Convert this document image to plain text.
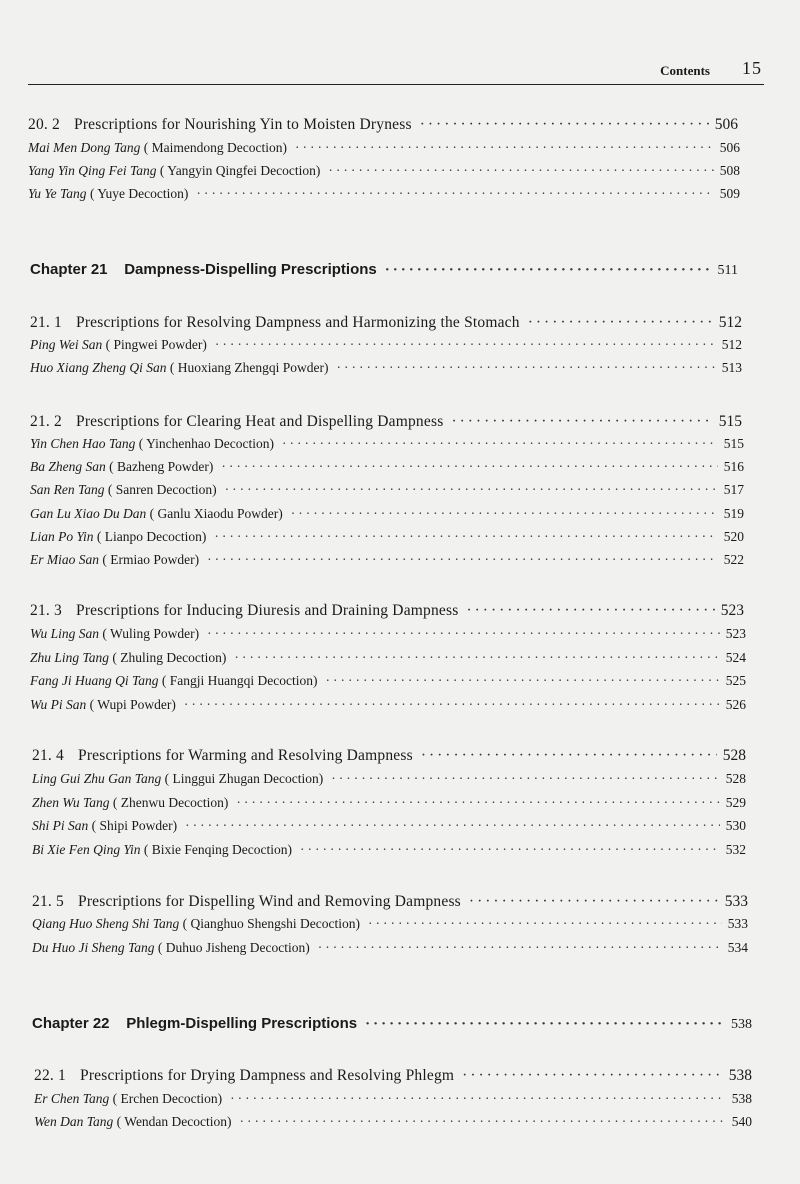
Contents 15
20. 2 Prescriptions for Nourishing Yin to Moisten Dryness ·····	506
Mai Men Dong Tang ( Maimendong Decoction) ·····	506
Yang Yin Qing Fei Tang ( Yangyin Qingfei Decoction) ·····	508
Yu Ye Tang ( Yuye Decoction) ·····	509
Chapter 21    Dampness-Dispelling Prescriptions ·····	511
21. 1 Prescriptions for Resolving Dampness and Harmonizing the Stomach ·····	512
Ping Wei San ( Pingwei Powder) ·····	512
Huo Xiang Zheng Qi San ( Huoxiang Zhengqi Powder) ·····	513
21. 2 Prescriptions for Clearing Heat and Dispelling Dampness ·····	515
Yin Chen Hao Tang ( Yinchenhao Decoction) ·····	515
Ba Zheng San ( Bazheng Powder) ·····	516
San Ren Tang ( Sanren Decoction) ·····	517
Gan Lu Xiao Du Dan ( Ganlu Xiaodu Powder) ·····	519
Lian Po Yin ( Lianpo Decoction) ·····	520
Er Miao San ( Ermiao Powder) ·····	522
21. 3 Prescriptions for Inducing Diuresis and Draining Dampness ·····	523
Wu Ling San ( Wuling Powder) ·····	523
Zhu Ling Tang ( Zhuling Decoction) ·····	524
Fang Ji Huang Qi Tang ( Fangji Huangqi Decoction) ·····	525
Wu Pi San ( Wupi Powder) ·····	526
21. 4 Prescriptions for Warming and Resolving Dampness ·····	528
Ling Gui Zhu Gan Tang ( Linggui Zhugan Decoction) ·····	528
Zhen Wu Tang ( Zhenwu Decoction) ·····	529
Shi Pi San ( Shipi Powder) ·····	530
Bi Xie Fen Qing Yin ( Bixie Fenqing Decoction) ·····	532
21. 5 Prescriptions for Dispelling Wind and Removing Dampness ·····	533
Qiang Huo Sheng Shi Tang ( Qianghuo Shengshi Decoction) ·····	533
Du Huo Ji Sheng Tang ( Duhuo Jisheng Decoction) ·····	534
Chapter 22    Phlegm-Dispelling Prescriptions ·····	538
22. 1 Prescriptions for Drying Dampness and Resolving Phlegm ·····	538
Er Chen Tang ( Erchen Decoction) ·····	538
Wen Dan Tang ( Wendan Decoction) ·····	540
